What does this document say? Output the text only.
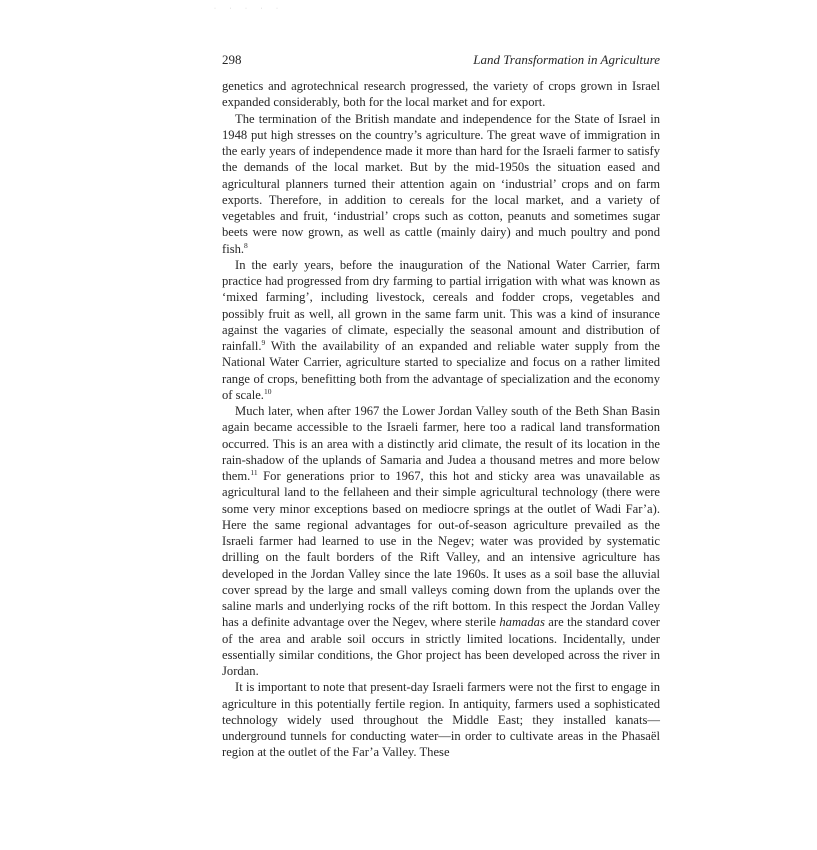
· · · · ·
298	Land Transformation in Agriculture

genetics and agrotechnical research progressed, the variety of crops grown in Israel expanded considerably, both for the local market and for export.

The termination of the British mandate and independence for the State of Israel in 1948 put high stresses on the country’s agriculture. The great wave of immigration in the early years of independence made it more than hard for the Israeli farmer to satisfy the demands of the local market. But by the mid-1950s the situation eased and agricultural planners turned their attention again on ‘industrial’ crops and on farm exports. Therefore, in addition to cereals for the local market, and a variety of vegetables and fruit, ‘industrial’ crops such as cotton, peanuts and sometimes sugar beets were now grown, as well as cattle (mainly dairy) and much poultry and pond fish.$^8$

In the early years, before the inauguration of the National Water Carrier, farm practice had progressed from dry farming to partial irrigation with what was known as ‘mixed farming’, including livestock, cereals and fodder crops, vegetables and possibly fruit as well, all grown in the same farm unit. This was a kind of insurance against the vagaries of climate, especially the seasonal amount and distribution of rainfall.$^9$ With the availability of an expanded and reliable water supply from the National Water Carrier, agriculture started to specialize and focus on a rather limited range of crops, benefitting both from the advantage of specialization and the economy of scale.$^{10}$

Much later, when after 1967 the Lower Jordan Valley south of the Beth Shan Basin again became accessible to the Israeli farmer, here too a radical land transformation occurred. This is an area with a distinctly arid climate, the result of its location in the rain-shadow of the uplands of Samaria and Judea a thousand metres and more below them.$^{11}$ For generations prior to 1967, this hot and sticky area was unavailable as agricultural land to the fellaheen and their simple agricultural technology (there were some very minor exceptions based on mediocre springs at the outlet of Wadi Far’a). Here the same regional advantages for out-of-season agriculture prevailed as the Israeli farmer had learned to use in the Negev; water was provided by systematic drilling on the fault borders of the Rift Valley, and an intensive agriculture has developed in the Jordan Valley since the late 1960s. It uses as a soil base the alluvial cover spread by the large and small valleys coming down from the uplands over the saline marls and underlying rocks of the rift bottom. In this respect the Jordan Valley has a definite advantage over the Negev, where sterile hamadas are the standard cover of the area and arable soil occurs in strictly limited locations. Incidentally, under essentially similar conditions, the Ghor project has been developed across the river in Jordan.

It is important to note that present-day Israeli farmers were not the first to engage in agriculture in this potentially fertile region. In antiquity, farmers used a sophisticated technology widely used throughout the Middle East; they installed kanats—underground tunnels for conducting water—in order to cultivate areas in the Phasaël region at the outlet of the Far’a Valley. These
